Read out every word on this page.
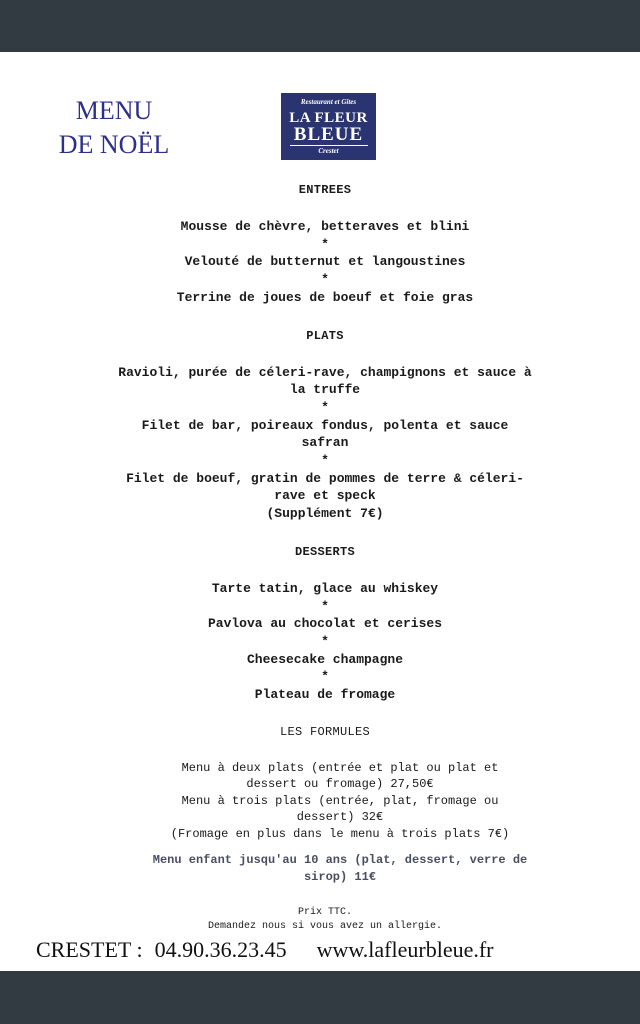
MENU
DE NOËL
Restaurant et Gîtes
LA FLEUR
BLEUE
Crestet
ENTREES
Mousse de chèvre, betteraves et blini
*
Velouté de butternut et langoustines
*
Terrine de joues de boeuf et foie gras
PLATS
Ravioli, purée de céleri-rave, champignons et sauce à
la truffe
*
Filet de bar, poireaux fondus, polenta et sauce
safran
*
Filet de boeuf, gratin de pommes de terre & céleri-
rave et speck
(Supplément 7€)
DESSERTS
Tarte tatin, glace au whiskey
*
Pavlova au chocolat et cerises
*
Cheesecake champagne
*
Plateau de fromage
LES FORMULES
Menu à deux plats (entrée et plat ou plat et
dessert ou fromage) 27,50€
Menu à trois plats (entrée, plat, fromage ou
dessert) 32€
(Fromage en plus dans le menu à trois plats 7€)
Menu enfant jusqu'au 10 ans (plat, dessert, verre de
sirop) 11€
Prix TTC.
Demandez nous si vous avez un allergie.
CRESTET : 04.90.36.23.45 www.lafleurbleue.fr
